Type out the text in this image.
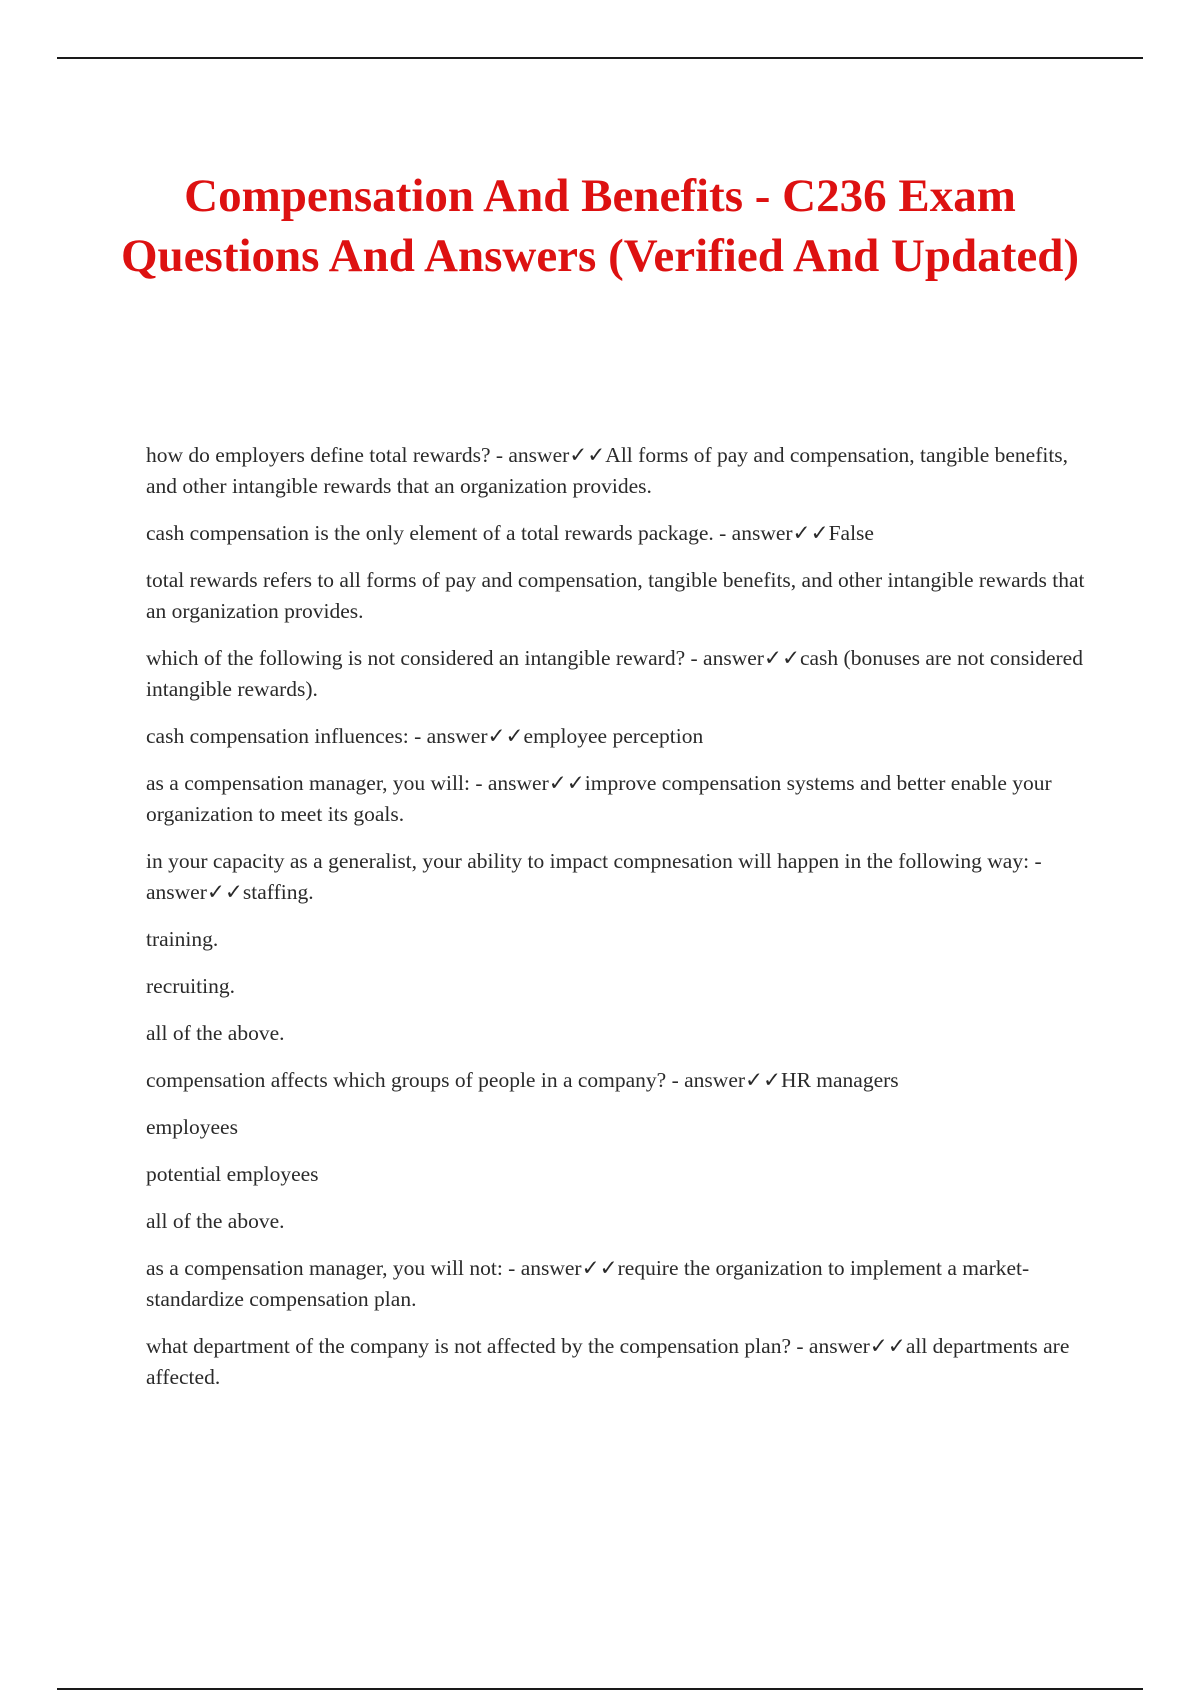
Compensation And Benefits - C236 Exam Questions And Answers (Verified And Updated)

how do employers define total rewards? - answer✓✓All forms of pay and compensation, tangible benefits, and other intangible rewards that an organization provides.

cash compensation is the only element of a total rewards package. - answer✓✓False

total rewards refers to all forms of pay and compensation, tangible benefits, and other intangible rewards that an organization provides.

which of the following is not considered an intangible reward? - answer✓✓cash (bonuses are not considered intangible rewards).

cash compensation influences: - answer✓✓employee perception

as a compensation manager, you will: - answer✓✓improve compensation systems and better enable your organization to meet its goals.

in your capacity as a generalist, your ability to impact compnesation will happen in the following way: - answer✓✓staffing.

training.

recruiting.

all of the above.

compensation affects which groups of people in a company? - answer✓✓HR managers

employees

potential employees

all of the above.

as a compensation manager, you will not: - answer✓✓require the organization to implement a market-standardize compensation plan.

what department of the company is not affected by the compensation plan? - answer✓✓all departments are affected.
